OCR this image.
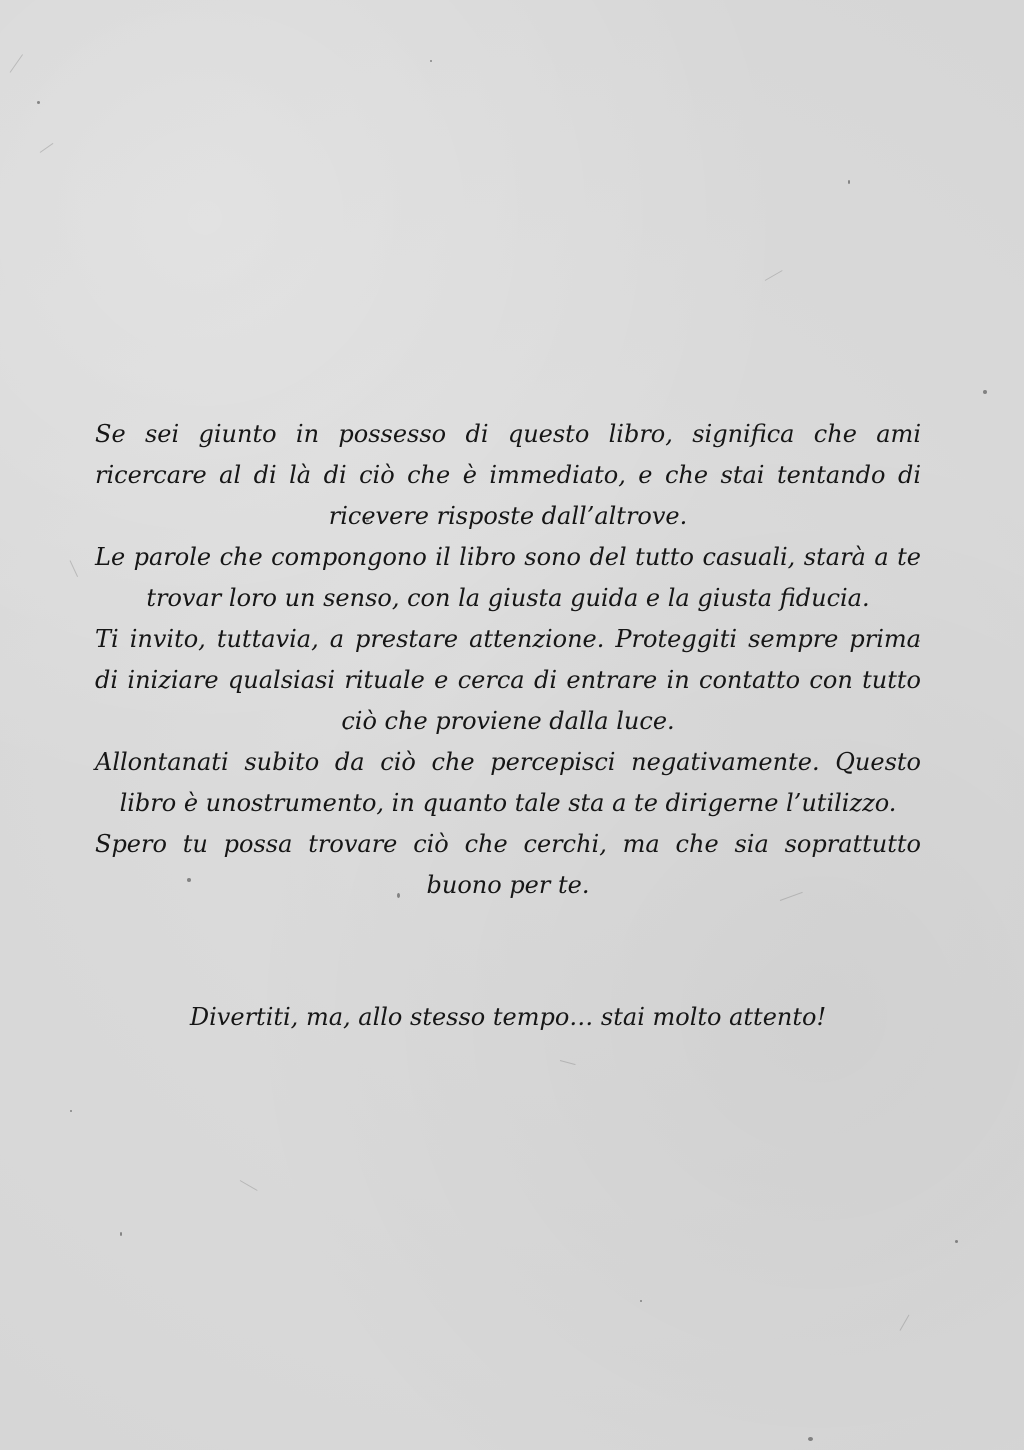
Se sei giunto in possesso di questo libro, significa che ami ricercare al di là di ciò che è immediato, e che stai tentando di ricevere risposte dall’altrove.

Le parole che compongono il libro sono del tutto casuali, starà a te trovar loro un senso, con la giusta guida e la giusta fiducia.

Ti invito, tuttavia, a prestare attenzione. Proteggiti sempre prima di iniziare qualsiasi rituale e cerca di entrare in contatto con tutto ciò che proviene dalla luce.

Allontanati subito da ciò che percepisci negativamente. Questo libro è unostrumento, in quanto tale sta a te dirigerne l’utilizzo.

Spero tu possa trovare ciò che cerchi, ma che sia soprattutto buono per te.

Divertiti, ma, allo stesso tempo… stai molto attento!
